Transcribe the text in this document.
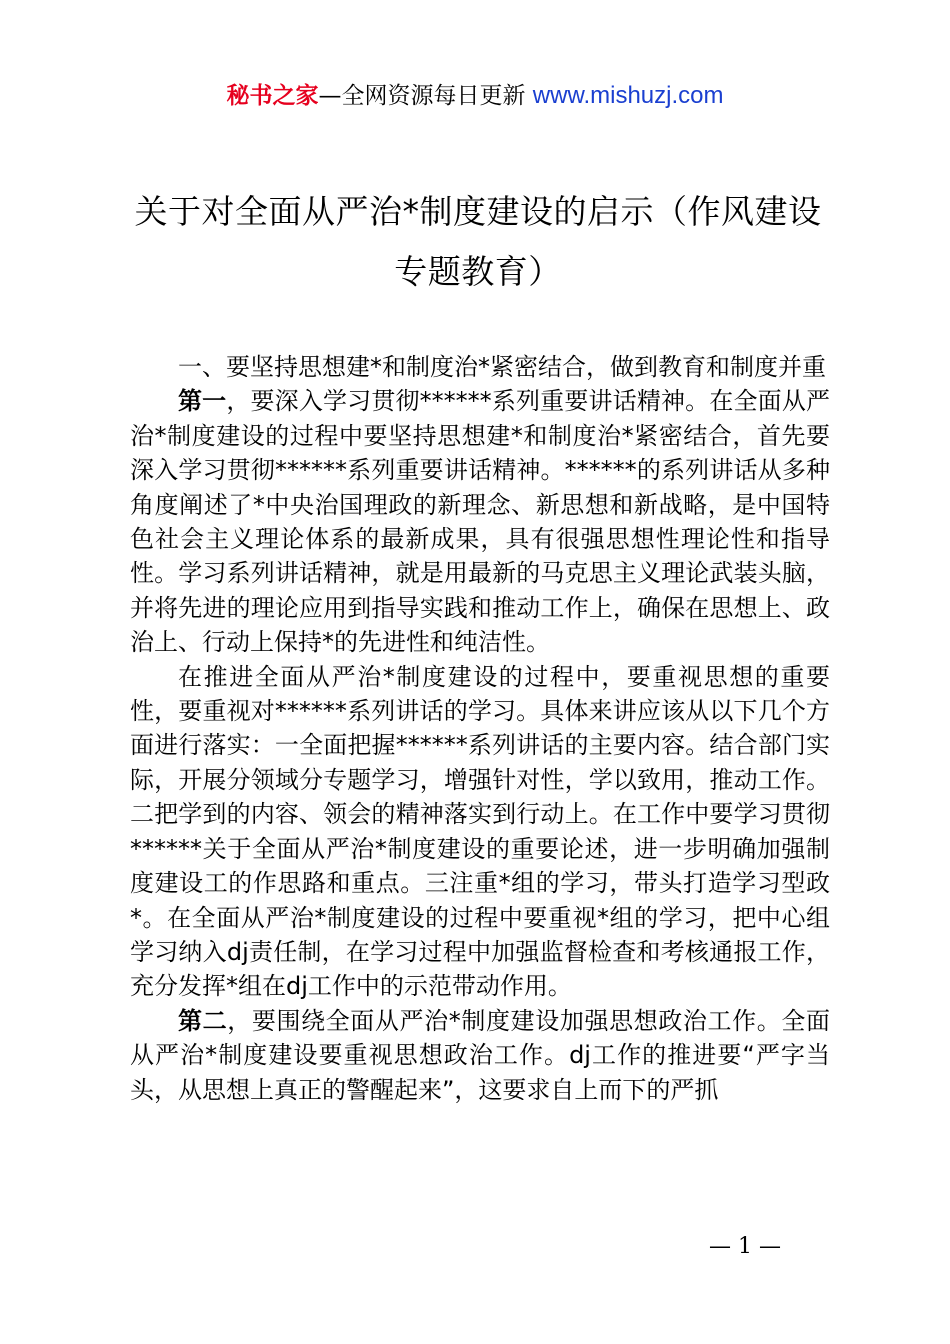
秘书之家—全网资源每日更新 www.mishuzj.com
关于对全面从严治*制度建设的启示（作风建设专题教育）

一、要坚持思想建*和制度治*紧密结合，做到教育和制度并重

第一，要深入学习贯彻******系列重要讲话精神。在全面从严治*制度建设的过程中要坚持思想建*和制度治*紧密结合，首先要深入学习贯彻******系列重要讲话精神。******的系列讲话从多种角度阐述了*中央治国理政的新理念、新思想和新战略，是中国特色社会主义理论体系的最新成果，具有很强思想性理论性和指导性。学习系列讲话精神，就是用最新的马克思主义理论武装头脑，并将先进的理论应用到指导实践和推动工作上，确保在思想上、政治上、行动上保持*的先进性和纯洁性。

在推进全面从严治*制度建设的过程中，要重视思想的重要性，要重视对******系列讲话的学习。具体来讲应该从以下几个方面进行落实：一全面把握******系列讲话的主要内容。结合部门实际，开展分领域分专题学习，增强针对性，学以致用，推动工作。二把学到的内容、领会的精神落实到行动上。在工作中要学习贯彻******关于全面从严治*制度建设的重要论述，进一步明确加强制度建设工的作思路和重点。三注重*组的学习，带头打造学习型政*。在全面从严治*制度建设的过程中要重视*组的学习，把中心组学习纳入dj责任制，在学习过程中加强监督检查和考核通报工作，充分发挥*组在dj工作中的示范带动作用。

第二，要围绕全面从严治*制度建设加强思想政治工作。全面从严治*制度建设要重视思想政治工作。dj工作的推进要“严字当头，从思想上真正的警醒起来”，这要求自上而下的严抓

— 1 —
